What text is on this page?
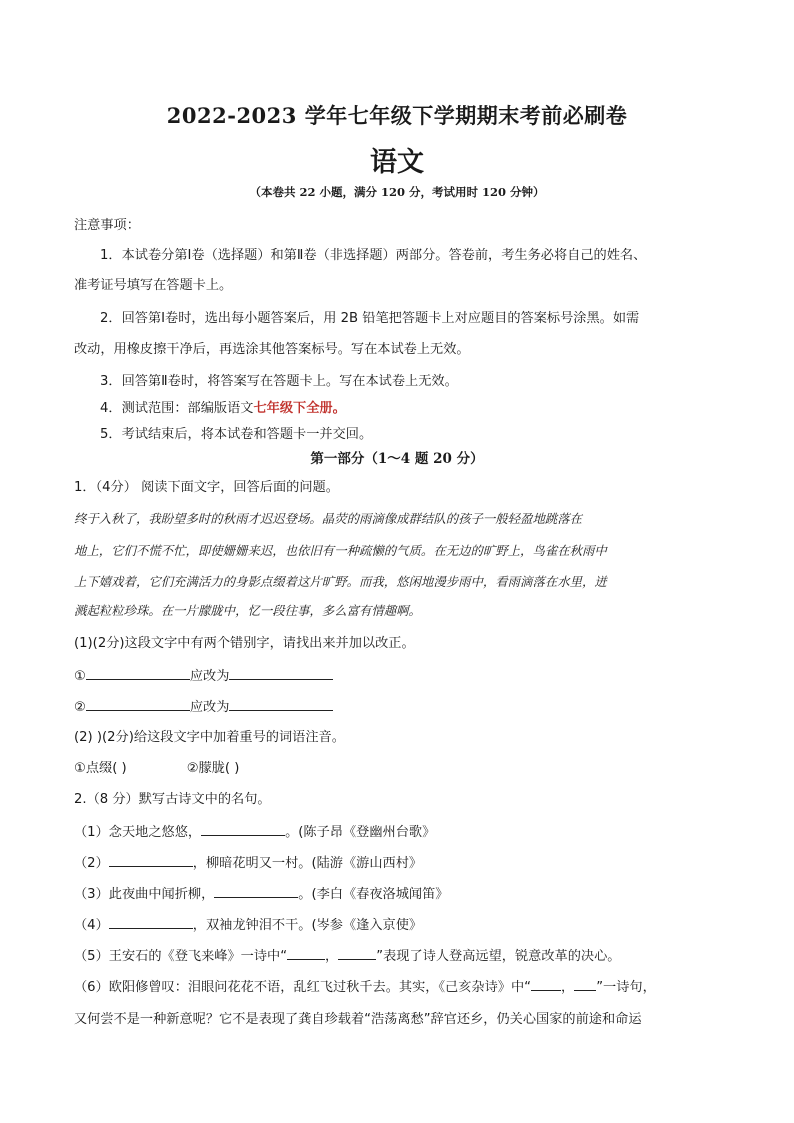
2022-2023 学年七年级下学期期末考前必刷卷
语文
（本卷共 22 小题，满分 120 分，考试用时 120 分钟）
注意事项：
1．本试卷分第Ⅰ卷（选择题）和第Ⅱ卷（非选择题）两部分。答卷前，考生务必将自己的姓名、
准考证号填写在答题卡上。
2．回答第Ⅰ卷时，选出每小题答案后，用 2B 铅笔把答题卡上对应题目的答案标号涂黑。如需
改动，用橡皮擦干净后，再选涂其他答案标号。写在本试卷上无效。
3．回答第Ⅱ卷时，将答案写在答题卡上。写在本试卷上无效。
4．测试范围：部编版语文七年级下全册。
5．考试结束后，将本试卷和答题卡一并交回。
第一部分（1～4 题 20 分）
1．（4分） 阅读下面文字，回答后面的问题。
终于入秋了，我盼望多时的秋雨才迟迟登场。晶荧的雨滴像成群结队的孩子一般轻盈地跳落在
地上，它们不慌不忙，即使姗姗来迟，也依旧有一种疏懒的气质。在无边的旷野上，鸟雀在秋雨中
上下嬉戏着，它们充满活力的身影点缀着这片旷野。而我，悠闲地漫步雨中，看雨滴落在水里，迸
溅起粒粒珍珠。在一片朦胧中，忆一段往事，多么富有情趣啊。
(1)(2分)这段文字中有两个错别字，请找出来并加以改正。
①	应改为
②	应改为
(2) )(2分)给这段文字中加着重号的词语注音。
①点缀( )	②朦胧( )
2.（8 分）默写古诗文中的名句。
（1）念天地之悠悠，	。(陈子昂《登幽州台歌》
（2）	，柳暗花明又一村。(陆游《游山西村》
（3）此夜曲中闻折柳，	。(李白《春夜洛城闻笛》
（4）	，双袖龙钟泪不干。(岑参《逢入京使》
（5）王安石的《登飞来峰》一诗中“	，	”表现了诗人登高远望，锐意改革的决心。
（6）欧阳修曾叹：泪眼问花花不语，乱红飞过秋千去。其实，《己亥杂诗》中“ ， ”一诗句，
又何尝不是一种新意呢？它不是表现了龚自珍载着“浩荡离愁”辞官还乡，仍关心国家的前途和命运
